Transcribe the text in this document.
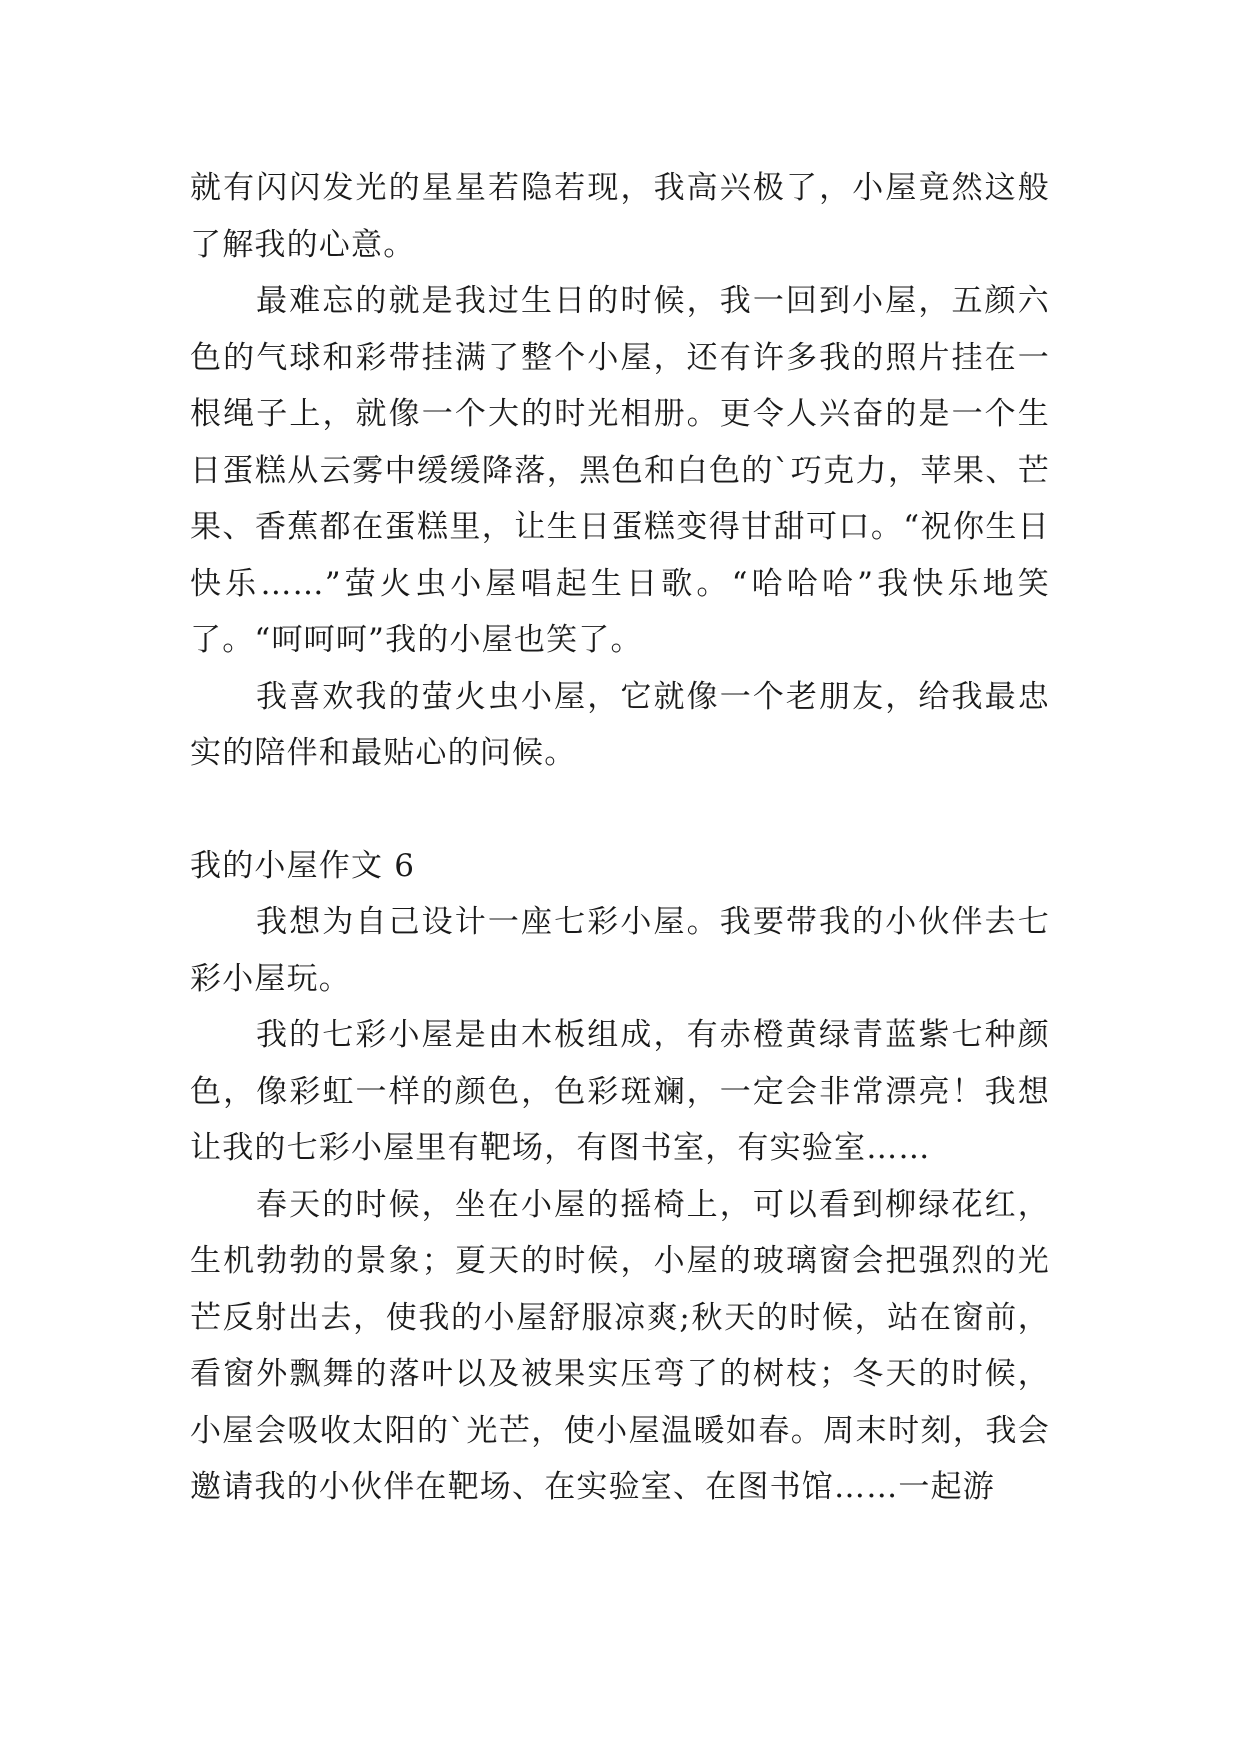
就有闪闪发光的星星若隐若现，我高兴极了，小屋竟然这般了解我的心意。

最难忘的就是我过生日的时候，我一回到小屋，五颜六色的气球和彩带挂满了整个小屋，还有许多我的照片挂在一根绳子上，就像一个大的时光相册。更令人兴奋的是一个生日蛋糕从云雾中缓缓降落，黑色和白色的`巧克力，苹果、芒果、香蕉都在蛋糕里，让生日蛋糕变得甘甜可口。“祝你生日快乐……”萤火虫小屋唱起生日歌。“哈哈哈”我快乐地笑了。“呵呵呵”我的小屋也笑了。

我喜欢我的萤火虫小屋，它就像一个老朋友，给我最忠实的陪伴和最贴心的问候。

我的小屋作文 6

我想为自己设计一座七彩小屋。我要带我的小伙伴去七彩小屋玩。

我的七彩小屋是由木板组成，有赤橙黄绿青蓝紫七种颜色，像彩虹一样的颜色，色彩斑斓，一定会非常漂亮！我想让我的七彩小屋里有靶场，有图书室，有实验室……

春天的时候，坐在小屋的摇椅上，可以看到柳绿花红，生机勃勃的景象；夏天的时候，小屋的玻璃窗会把强烈的光芒反射出去，使我的小屋舒服凉爽;秋天的时候，站在窗前，看窗外飘舞的落叶以及被果实压弯了的树枝；冬天的时候，小屋会吸收太阳的`光芒，使小屋温暖如春。周末时刻，我会邀请我的小伙伴在靶场、在实验室、在图书馆……一起游
